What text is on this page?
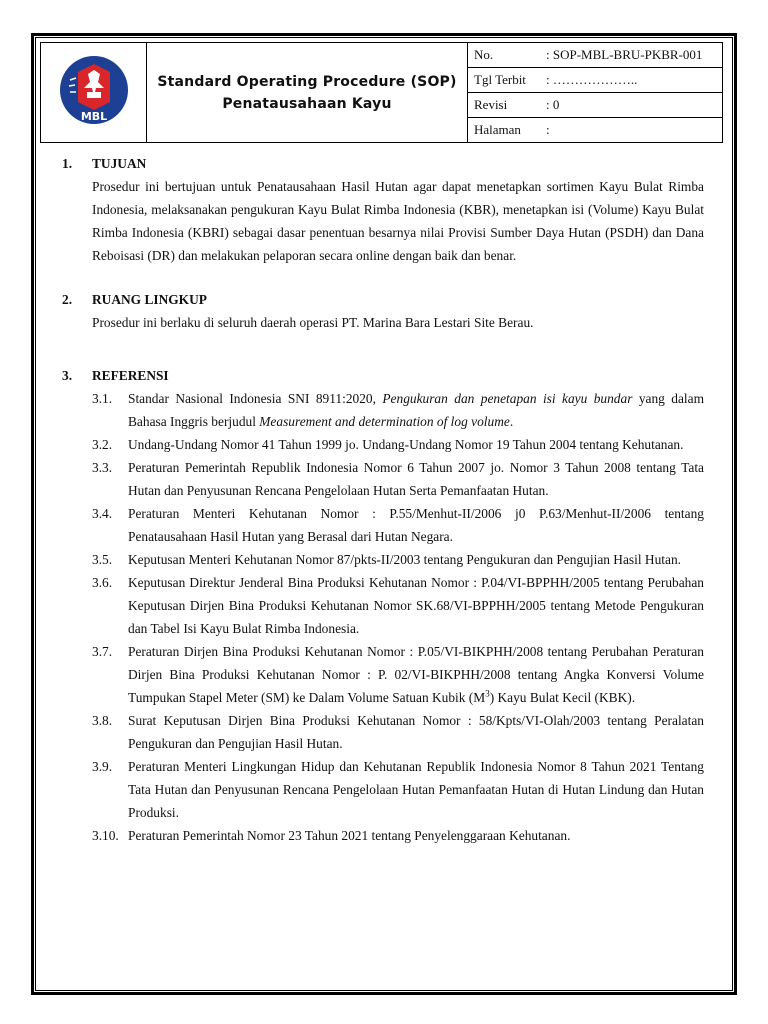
MBL

Standard Operating Procedure (SOP)
Penatausahaan Kayu

No.	: SOP-MBL-BRU-PKBR-001

Tgl Terbit	: ………………..

Revisi	: 0

Halaman	:
1. TUJUAN

Prosedur ini bertujuan untuk Penatausahaan Hasil Hutan agar dapat menetapkan sortimen Kayu Bulat Rimba Indonesia, melaksanakan pengukuran Kayu Bulat Rimba Indonesia (KBR), menetapkan isi (Volume) Kayu Bulat Rimba Indonesia (KBRI) sebagai dasar penentuan besarnya nilai Provisi Sumber Daya Hutan (PSDH) dan Dana Reboisasi (DR) dan melakukan pelaporan secara online dengan baik dan benar.

2. RUANG LINGKUP

Prosedur ini berlaku di seluruh daerah operasi PT. Marina Bara Lestari Site Berau.

3. REFERENSI
3.1. Standar Nasional Indonesia SNI 8911:2020, Pengukuran dan penetapan isi kayu bundar yang dalam Bahasa Inggris berjudul Measurement and determination of log volume.
3.2. Undang-Undang Nomor 41 Tahun 1999 jo. Undang-Undang Nomor 19 Tahun 2004 tentang Kehutanan.
3.3. Peraturan Pemerintah Republik Indonesia Nomor 6 Tahun 2007 jo. Nomor 3 Tahun 2008 tentang Tata Hutan dan Penyusunan Rencana Pengelolaan Hutan Serta Pemanfaatan Hutan.
3.4. Peraturan Menteri Kehutanan Nomor : P.55/Menhut-II/2006 j0 P.63/Menhut-II/2006 tentang Penatausahaan Hasil Hutan yang Berasal dari Hutan Negara.
3.5. Keputusan Menteri Kehutanan Nomor 87/pkts-II/2003 tentang Pengukuran dan Pengujian Hasil Hutan.
3.6. Keputusan Direktur Jenderal Bina Produksi Kehutanan Nomor : P.04/VI-BPPHH/2005 tentang Perubahan Keputusan Dirjen Bina Produksi Kehutanan Nomor SK.68/VI-BPPHH/2005 tentang Metode Pengukuran dan Tabel Isi Kayu Bulat Rimba Indonesia.
3.7. Peraturan Dirjen Bina Produksi Kehutanan Nomor : P.05/VI-BIKPHH/2008 tentang Perubahan Peraturan Dirjen Bina Produksi Kehutanan Nomor : P. 02/VI-BIKPHH/2008 tentang Angka Konversi Volume Tumpukan Stapel Meter (SM) ke Dalam Volume Satuan Kubik $(M^3)$ Kayu Bulat Kecil (KBK).
3.8. Surat Keputusan Dirjen Bina Produksi Kehutanan Nomor : 58/Kpts/VI-Olah/2003 tentang Peralatan Pengukuran dan Pengujian Hasil Hutan.
3.9. Peraturan Menteri Lingkungan Hidup dan Kehutanan Republik Indonesia Nomor 8 Tahun 2021 Tentang Tata Hutan dan Penyusunan Rencana Pengelolaan Hutan Pemanfaatan Hutan di Hutan Lindung dan Hutan Produksi.
3.10. Peraturan Pemerintah Nomor 23 Tahun 2021 tentang Penyelenggaraan Kehutanan.
